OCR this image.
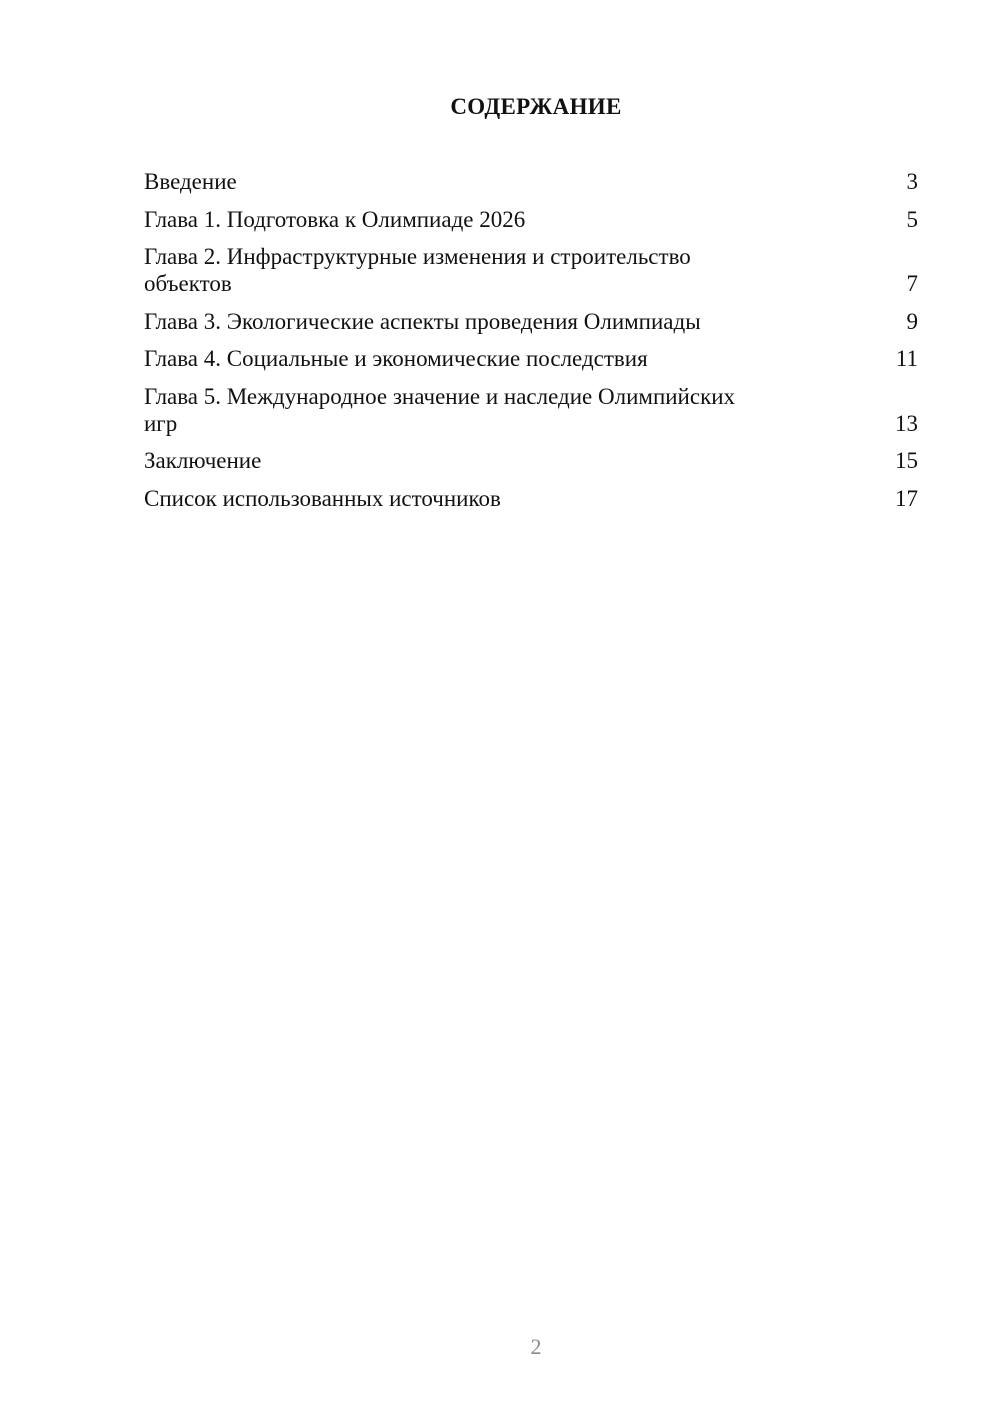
СОДЕРЖАНИЕ
Введение	3
Глава 1. Подготовка к Олимпиаде 2026	5
Глава 2. Инфраструктурные изменения и строительство объектов	7
Глава 3. Экологические аспекты проведения Олимпиады	9
Глава 4. Социальные и экономические последствия	11
Глава 5. Международное значение и наследие Олимпийских игр	13
Заключение	15
Список использованных источников	17
2
